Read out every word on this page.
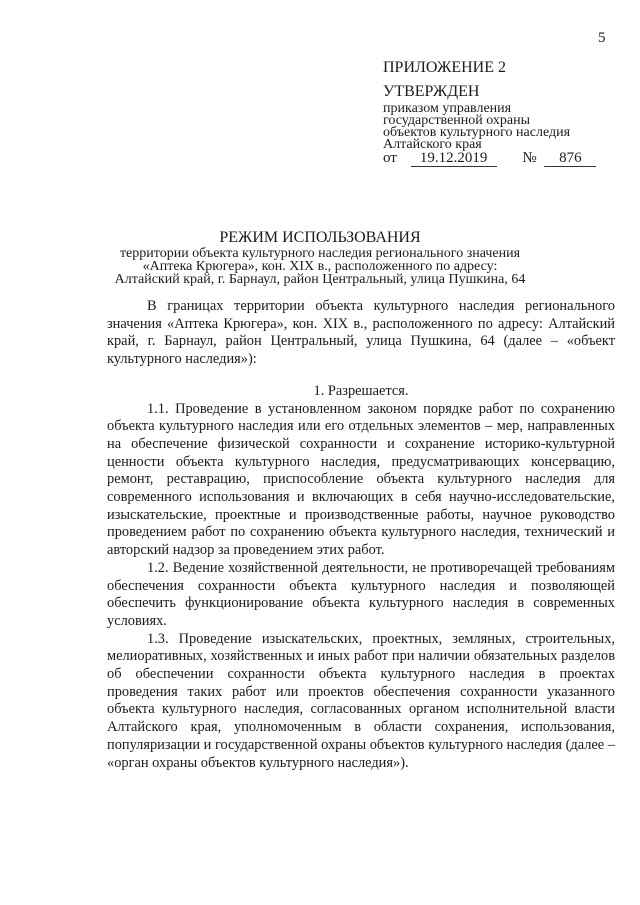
5
ПРИЛОЖЕНИЕ 2
УТВЕРЖДЕН
приказом управления
государственной охраны
объектов культурного наследия
Алтайского края
от 19.12.2019 № 876
РЕЖИМ ИСПОЛЬЗОВАНИЯ
территории объекта культурного наследия регионального значения
«Аптека Крюгера», кон. XIX в., расположенного по адресу:
Алтайский край, г. Барнаул, район Центральный, улица Пушкина, 64

В границах территории объекта культурного наследия регионального значения «Аптека Крюгера», кон. XIX в., расположенного по адресу: Алтайский край, г. Барнаул, район Центральный, улица Пушкина, 64 (далее – «объект культурного наследия»):

1. Разрешается.

1.1. Проведение в установленном законом порядке работ по сохранению объекта культурного наследия или его отдельных элементов – мер, направленных на обеспечение физической сохранности и сохранение историко-культурной ценности объекта культурного наследия, предусматривающих консервацию, ремонт, реставрацию, приспособление объекта культурного наследия для современного использования и включающих в себя научно-исследовательские, изыскательские, проектные и производственные работы, научное руководство проведением работ по сохранению объекта культурного наследия, технический и авторский надзор за проведением этих работ.

1.2. Ведение хозяйственной деятельности, не противоречащей требованиям обеспечения сохранности объекта культурного наследия и позволяющей обеспечить функционирование объекта культурного наследия в современных условиях.

1.3. Проведение изыскательских, проектных, земляных, строительных, мелиоративных, хозяйственных и иных работ при наличии обязательных разделов об обеспечении сохранности объекта культурного наследия в проектах проведения таких работ или проектов обеспечения сохранности указанного объекта культурного наследия, согласованных органом исполнительной власти Алтайского края, уполномоченным в области сохранения, использования, популяризации и государственной охраны объектов культурного наследия (далее – «орган охраны объектов культурного наследия»).
